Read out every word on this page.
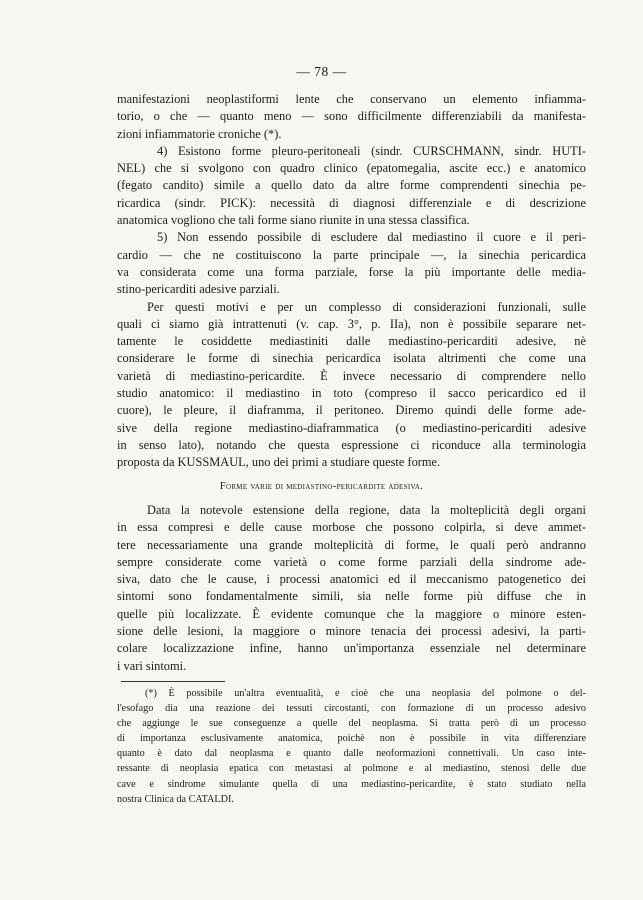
— 78 —
manifestazioni neoplastiformi lente che conservano un elemento infiamma-
torio, o che — quanto meno — sono difficilmente differenziabili da manifesta-
zioni infiammatorie croniche (*).
4) Esistono forme pleuro-peritoneali (sindr. CURSCHMANN, sindr. HUTI-
NEL) che si svolgono con quadro clinico (epatomegalia, ascite ecc.) e anatomico
(fegato candito) simile a quello dato da altre forme comprendenti sinechia pe-
ricardica (sindr. PICK): necessità di diagnosi differenziale e di descrizione
anatomica vogliono che tali forme siano riunite in una stessa classifica.
5) Non essendo possibile di escludere dal mediastino il cuore e il peri-
cardio — che ne costituiscono la parte principale —, la sinechia pericardica
va considerata come una forma parziale, forse la più importante delle media-
stino-pericarditi adesive parziali.
Per questi motivi e per un complesso di considerazioni funzionali, sulle
quali ci siamo già intrattenuti (v. cap. 3°, p. IIa), non è possibile separare net-
tamente le cosiddette mediastiniti dalle mediastino-pericarditi adesive, nè
considerare le forme di sinechia pericardica isolata altrimenti che come una
varietà di mediastino-pericardite. È invece necessario di comprendere nello
studio anatomico: il mediastino in toto (compreso il sacco pericardico ed il
cuore), le pleure, il diaframma, il peritoneo. Diremo quindi delle forme ade-
sive della regione mediastino-diaframmatica (o mediastino-pericarditi adesive
in senso lato), notando che questa espressione ci riconduce alla terminologia
proposta da KUSSMAUL, uno dei primi a studiare queste forme.
Forme varie di mediastino-pericardite adesiva.
Data la notevole estensione della regione, data la molteplicità degli organi
in essa compresi e delle cause morbose che possono colpirla, si deve ammet-
tere necessariamente una grande molteplicità di forme, le quali però andranno
sempre considerate come varietà o come forme parziali della sindrome ade-
siva, dato che le cause, i processi anatomici ed il meccanismo patogenetico dei
sintomi sono fondamentalmente simili, sia nelle forme più diffuse che in
quelle più localizzate. È evidente comunque che la maggiore o minore esten-
sione delle lesioni, la maggiore o minore tenacia dei processi adesivi, la parti-
colare localizzazione infine, hanno un'importanza essenziale nel determinare
i vari sintomi.
(*) È possibile un'altra eventualità, e cioè che una neoplasia del polmone o del-
l'esofago dia una reazione dei tessuti circostanti, con formazione di un processo adesivo
che aggiunge le sue conseguenze a quelle del neoplasma. Si tratta però di un processo
di importanza esclusivamente anatomica, poichè non è possibile in vita differenziare
quanto è dato dal neoplasma e quanto dalle neoformazioni connettivali. Un caso inte-
ressante di neoplasia epatica con metastasi al polmone e al mediastino, stenosi delle due
cave e sindrome simulante quella di una mediastino-pericardite, è stato studiato nella
nostra Clinica da CATALDI.
